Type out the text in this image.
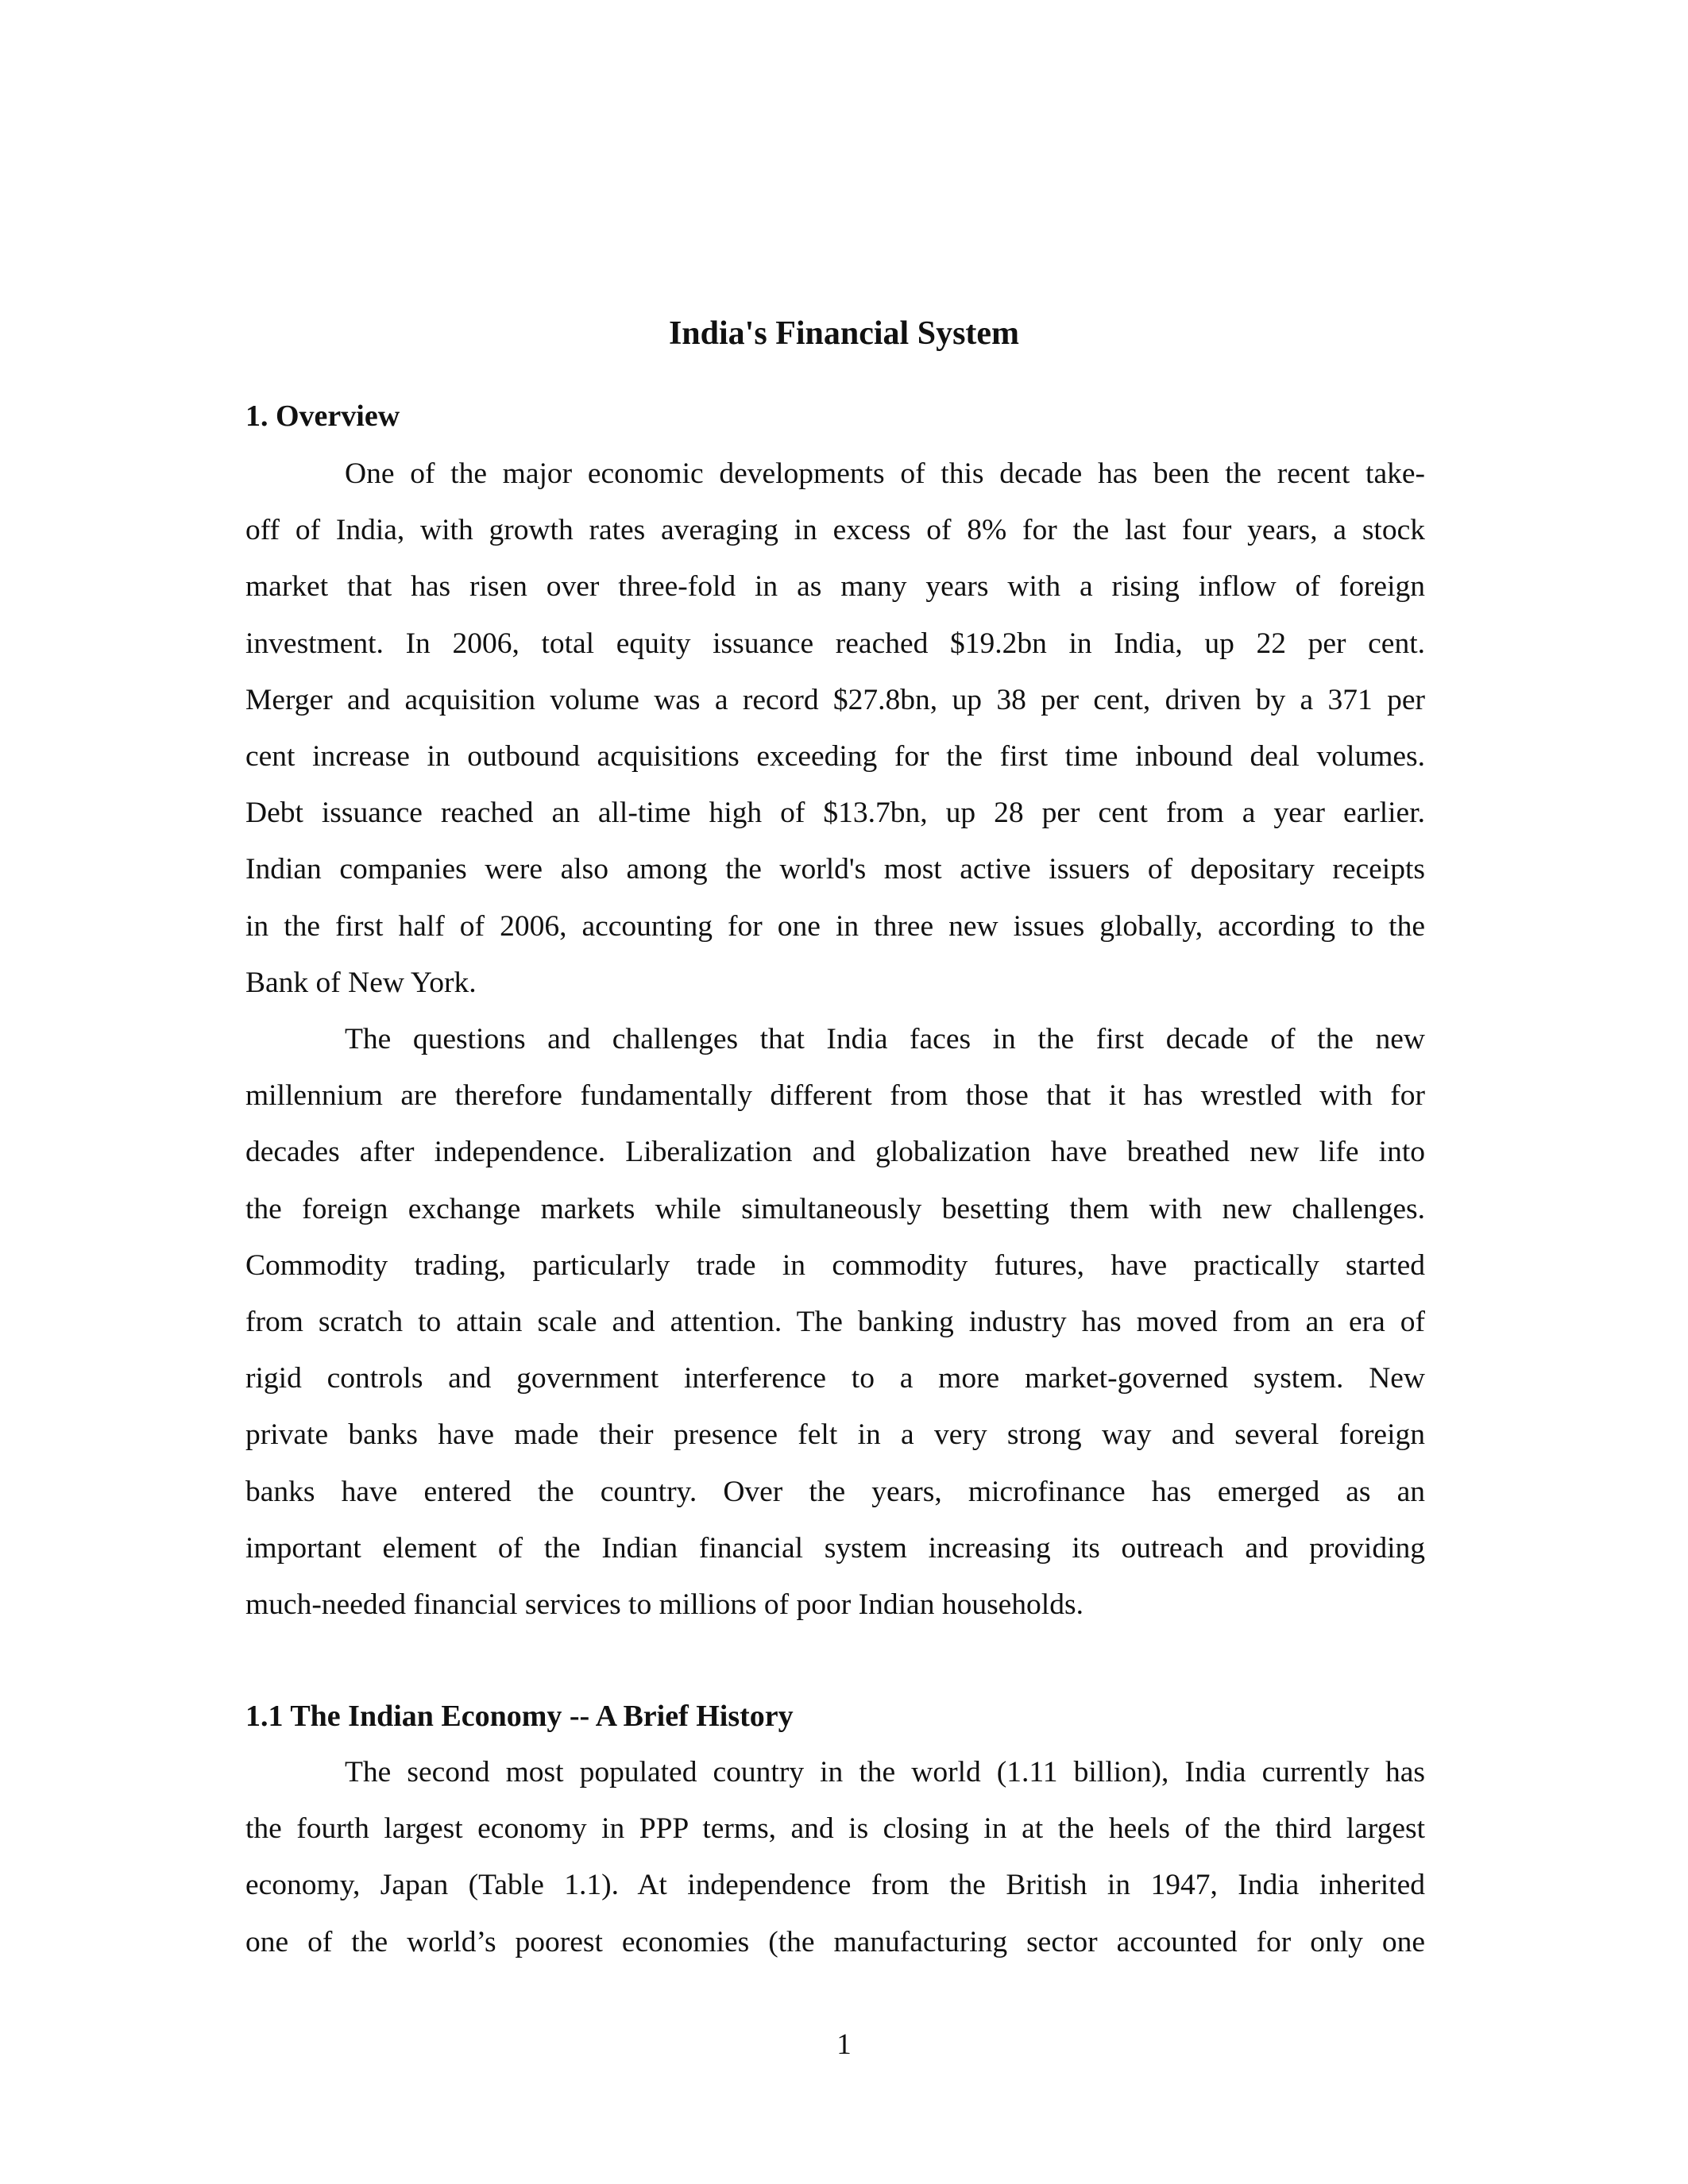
India's Financial System
1. Overview
One of the major economic developments of this decade has been the recent take-
off of India, with growth rates averaging in excess of 8% for the last four years, a stock
market that has risen over three-fold in as many years with a rising inflow of foreign
investment. In 2006, total equity issuance reached $19.2bn in India, up 22 per cent.
Merger and acquisition volume was a record $27.8bn, up 38 per cent, driven by a 371 per
cent increase in outbound acquisitions exceeding for the first time inbound deal volumes.
Debt issuance reached an all-time high of $13.7bn, up 28 per cent from a year earlier.
Indian companies were also among the world's most active issuers of depositary receipts
in the first half of 2006, accounting for one in three new issues globally, according to the
Bank of New York.
The questions and challenges that India faces in the first decade of the new
millennium are therefore fundamentally different from those that it has wrestled with for
decades after independence. Liberalization and globalization have breathed new life into
the foreign exchange markets while simultaneously besetting them with new challenges.
Commodity trading, particularly trade in commodity futures, have practically started
from scratch to attain scale and attention. The banking industry has moved from an era of
rigid controls and government interference to a more market-governed system. New
private banks have made their presence felt in a very strong way and several foreign
banks have entered the country. Over the years, microfinance has emerged as an
important element of the Indian financial system increasing its outreach and providing
much-needed financial services to millions of poor Indian households.
1.1 The Indian Economy -- A Brief History
The second most populated country in the world (1.11 billion), India currently has
the fourth largest economy in PPP terms, and is closing in at the heels of the third largest
economy, Japan (Table 1.1). At independence from the British in 1947, India inherited
one of the world’s poorest economies (the manufacturing sector accounted for only one
1
